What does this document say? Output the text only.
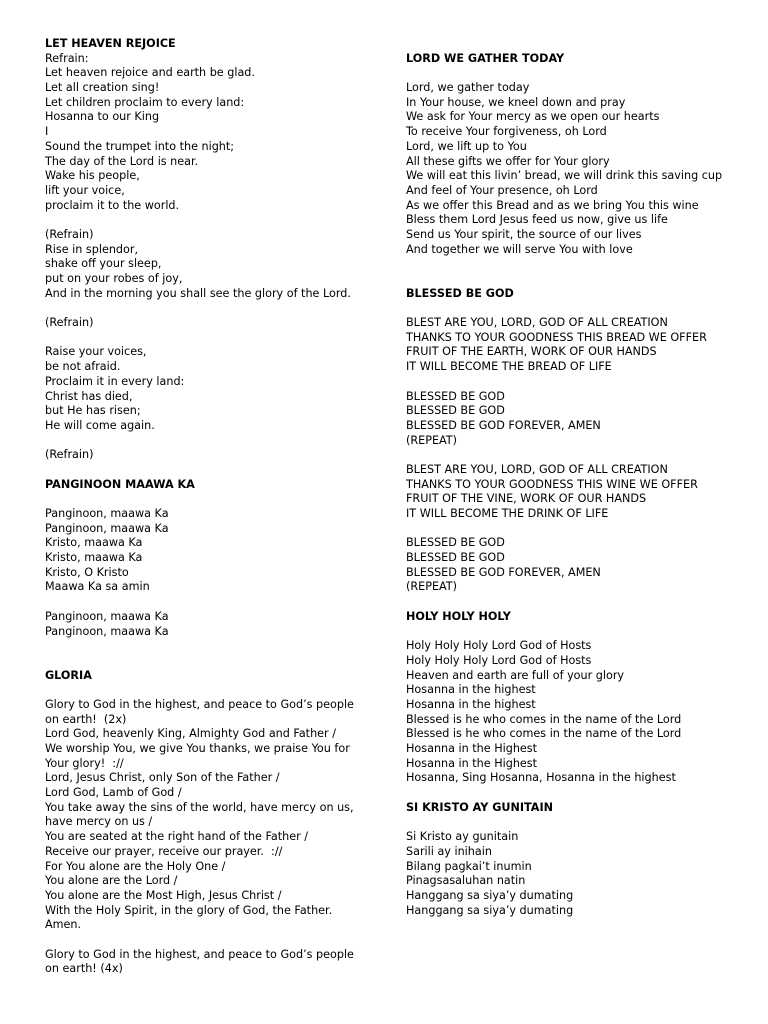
LET HEAVEN REJOICE
Refrain:
Let heaven rejoice and earth be glad.
Let all creation sing!
Let children proclaim to every land:
Hosanna to our King
I
Sound the trumpet into the night;
The day of the Lord is near.
Wake his people,
lift your voice,
proclaim it to the world.
(Refrain)
Rise in splendor,
shake off your sleep,
put on your robes of joy,
And in the morning you shall see the glory of the Lord.
(Refrain)
Raise your voices,
be not afraid.
Proclaim it in every land:
Christ has died,
but He has risen;
He will come again.
(Refrain)
PANGINOON MAAWA KA
Panginoon, maawa Ka
Panginoon, maawa Ka
Kristo, maawa Ka
Kristo, maawa Ka
Kristo, O Kristo
Maawa Ka sa amin
Panginoon, maawa Ka
Panginoon, maawa Ka
GLORIA
Glory to God in the highest, and peace to God’s people
on earth!  (2x)
Lord God, heavenly King, Almighty God and Father /
We worship You, we give You thanks, we praise You for
Your glory!  ://
Lord, Jesus Christ, only Son of the Father /
Lord God, Lamb of God /
You take away the sins of the world, have mercy on us,
have mercy on us /
You are seated at the right hand of the Father /
Receive our prayer, receive our prayer.  ://
For You alone are the Holy One /
You alone are the Lord /
You alone are the Most High, Jesus Christ /
With the Holy Spirit, in the glory of God, the Father.
Amen.
Glory to God in the highest, and peace to God’s people
on earth! (4x)
LORD WE GATHER TODAY
Lord, we gather today
In Your house, we kneel down and pray
We ask for Your mercy as we open our hearts
To receive Your forgiveness, oh Lord
Lord, we lift up to You
All these gifts we offer for Your glory
We will eat this livin’ bread, we will drink this saving cup
And feel of Your presence, oh Lord
As we offer this Bread and as we bring You this wine
Bless them Lord Jesus feed us now, give us life
Send us Your spirit, the source of our lives
And together we will serve You with love
BLESSED BE GOD
BLEST ARE YOU, LORD, GOD OF ALL CREATION
THANKS TO YOUR GOODNESS THIS BREAD WE OFFER
FRUIT OF THE EARTH, WORK OF OUR HANDS
IT WILL BECOME THE BREAD OF LIFE
BLESSED BE GOD
BLESSED BE GOD
BLESSED BE GOD FOREVER, AMEN
(REPEAT)
BLEST ARE YOU, LORD, GOD OF ALL CREATION
THANKS TO YOUR GOODNESS THIS WINE WE OFFER
FRUIT OF THE VINE, WORK OF OUR HANDS
IT WILL BECOME THE DRINK OF LIFE
BLESSED BE GOD
BLESSED BE GOD
BLESSED BE GOD FOREVER, AMEN
(REPEAT)
HOLY HOLY HOLY
Holy Holy Holy Lord God of Hosts
Holy Holy Holy Lord God of Hosts
Heaven and earth are full of your glory
Hosanna in the highest
Hosanna in the highest
Blessed is he who comes in the name of the Lord
Blessed is he who comes in the name of the Lord
Hosanna in the Highest
Hosanna in the Highest
Hosanna, Sing Hosanna, Hosanna in the highest
SI KRISTO AY GUNITAIN
Si Kristo ay gunitain
Sarili ay inihain
Bilang pagkai’t inumin
Pinagsasaluhan natin
Hanggang sa siya’y dumating
Hanggang sa siya’y dumating
